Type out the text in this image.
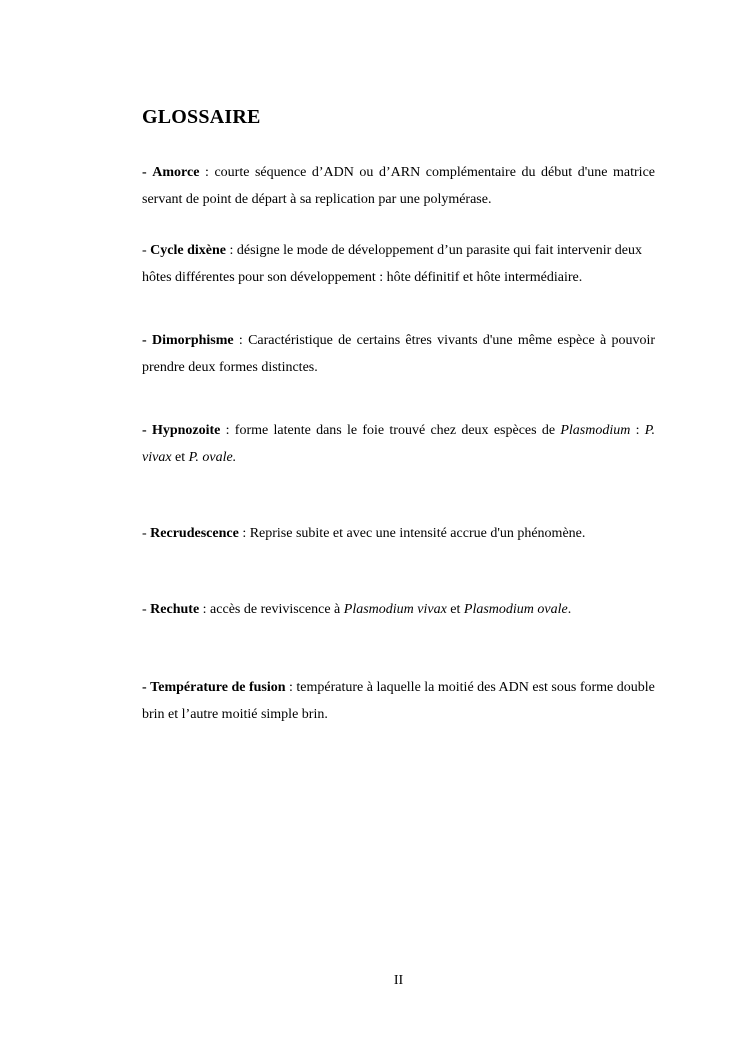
GLOSSAIRE

- Amorce : courte séquence d’ADN ou d’ARN complémentaire du début d'une matrice servant de point de départ à sa replication par une polymérase.

- Cycle dixène : désigne le mode de développement d’un parasite qui fait intervenir deux hôtes différentes pour son développement : hôte définitif et hôte intermédiaire.

- Dimorphisme : Caractéristique de certains êtres vivants d'une même espèce à pouvoir prendre deux formes distinctes.

- Hypnozoite : forme latente dans le foie trouvé chez deux espèces de Plasmodium : P. vivax et P. ovale.

- Recrudescence : Reprise subite et avec une intensité accrue d'un phénomène.

- Rechute : accès de reviviscence à Plasmodium vivax et Plasmodium ovale.

- Température de fusion : température à laquelle la moitié des ADN est sous forme double brin et l’autre moitié simple brin.

II
